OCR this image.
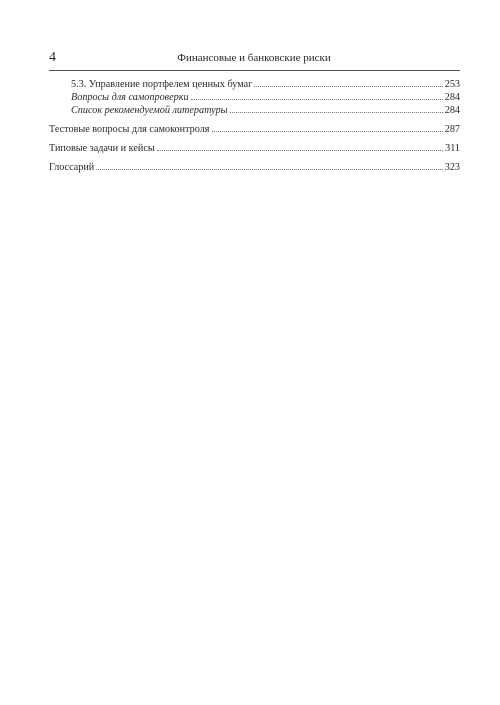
4	Финансовые и банковские риски
5.3. Управление портфелем ценных бумаг	253
Вопросы для самопроверки	284
Список рекомендуемой литературы	284
Тестовые вопросы для самоконтроля	287
Типовые задачи и кейсы	311
Глоссарий	323
